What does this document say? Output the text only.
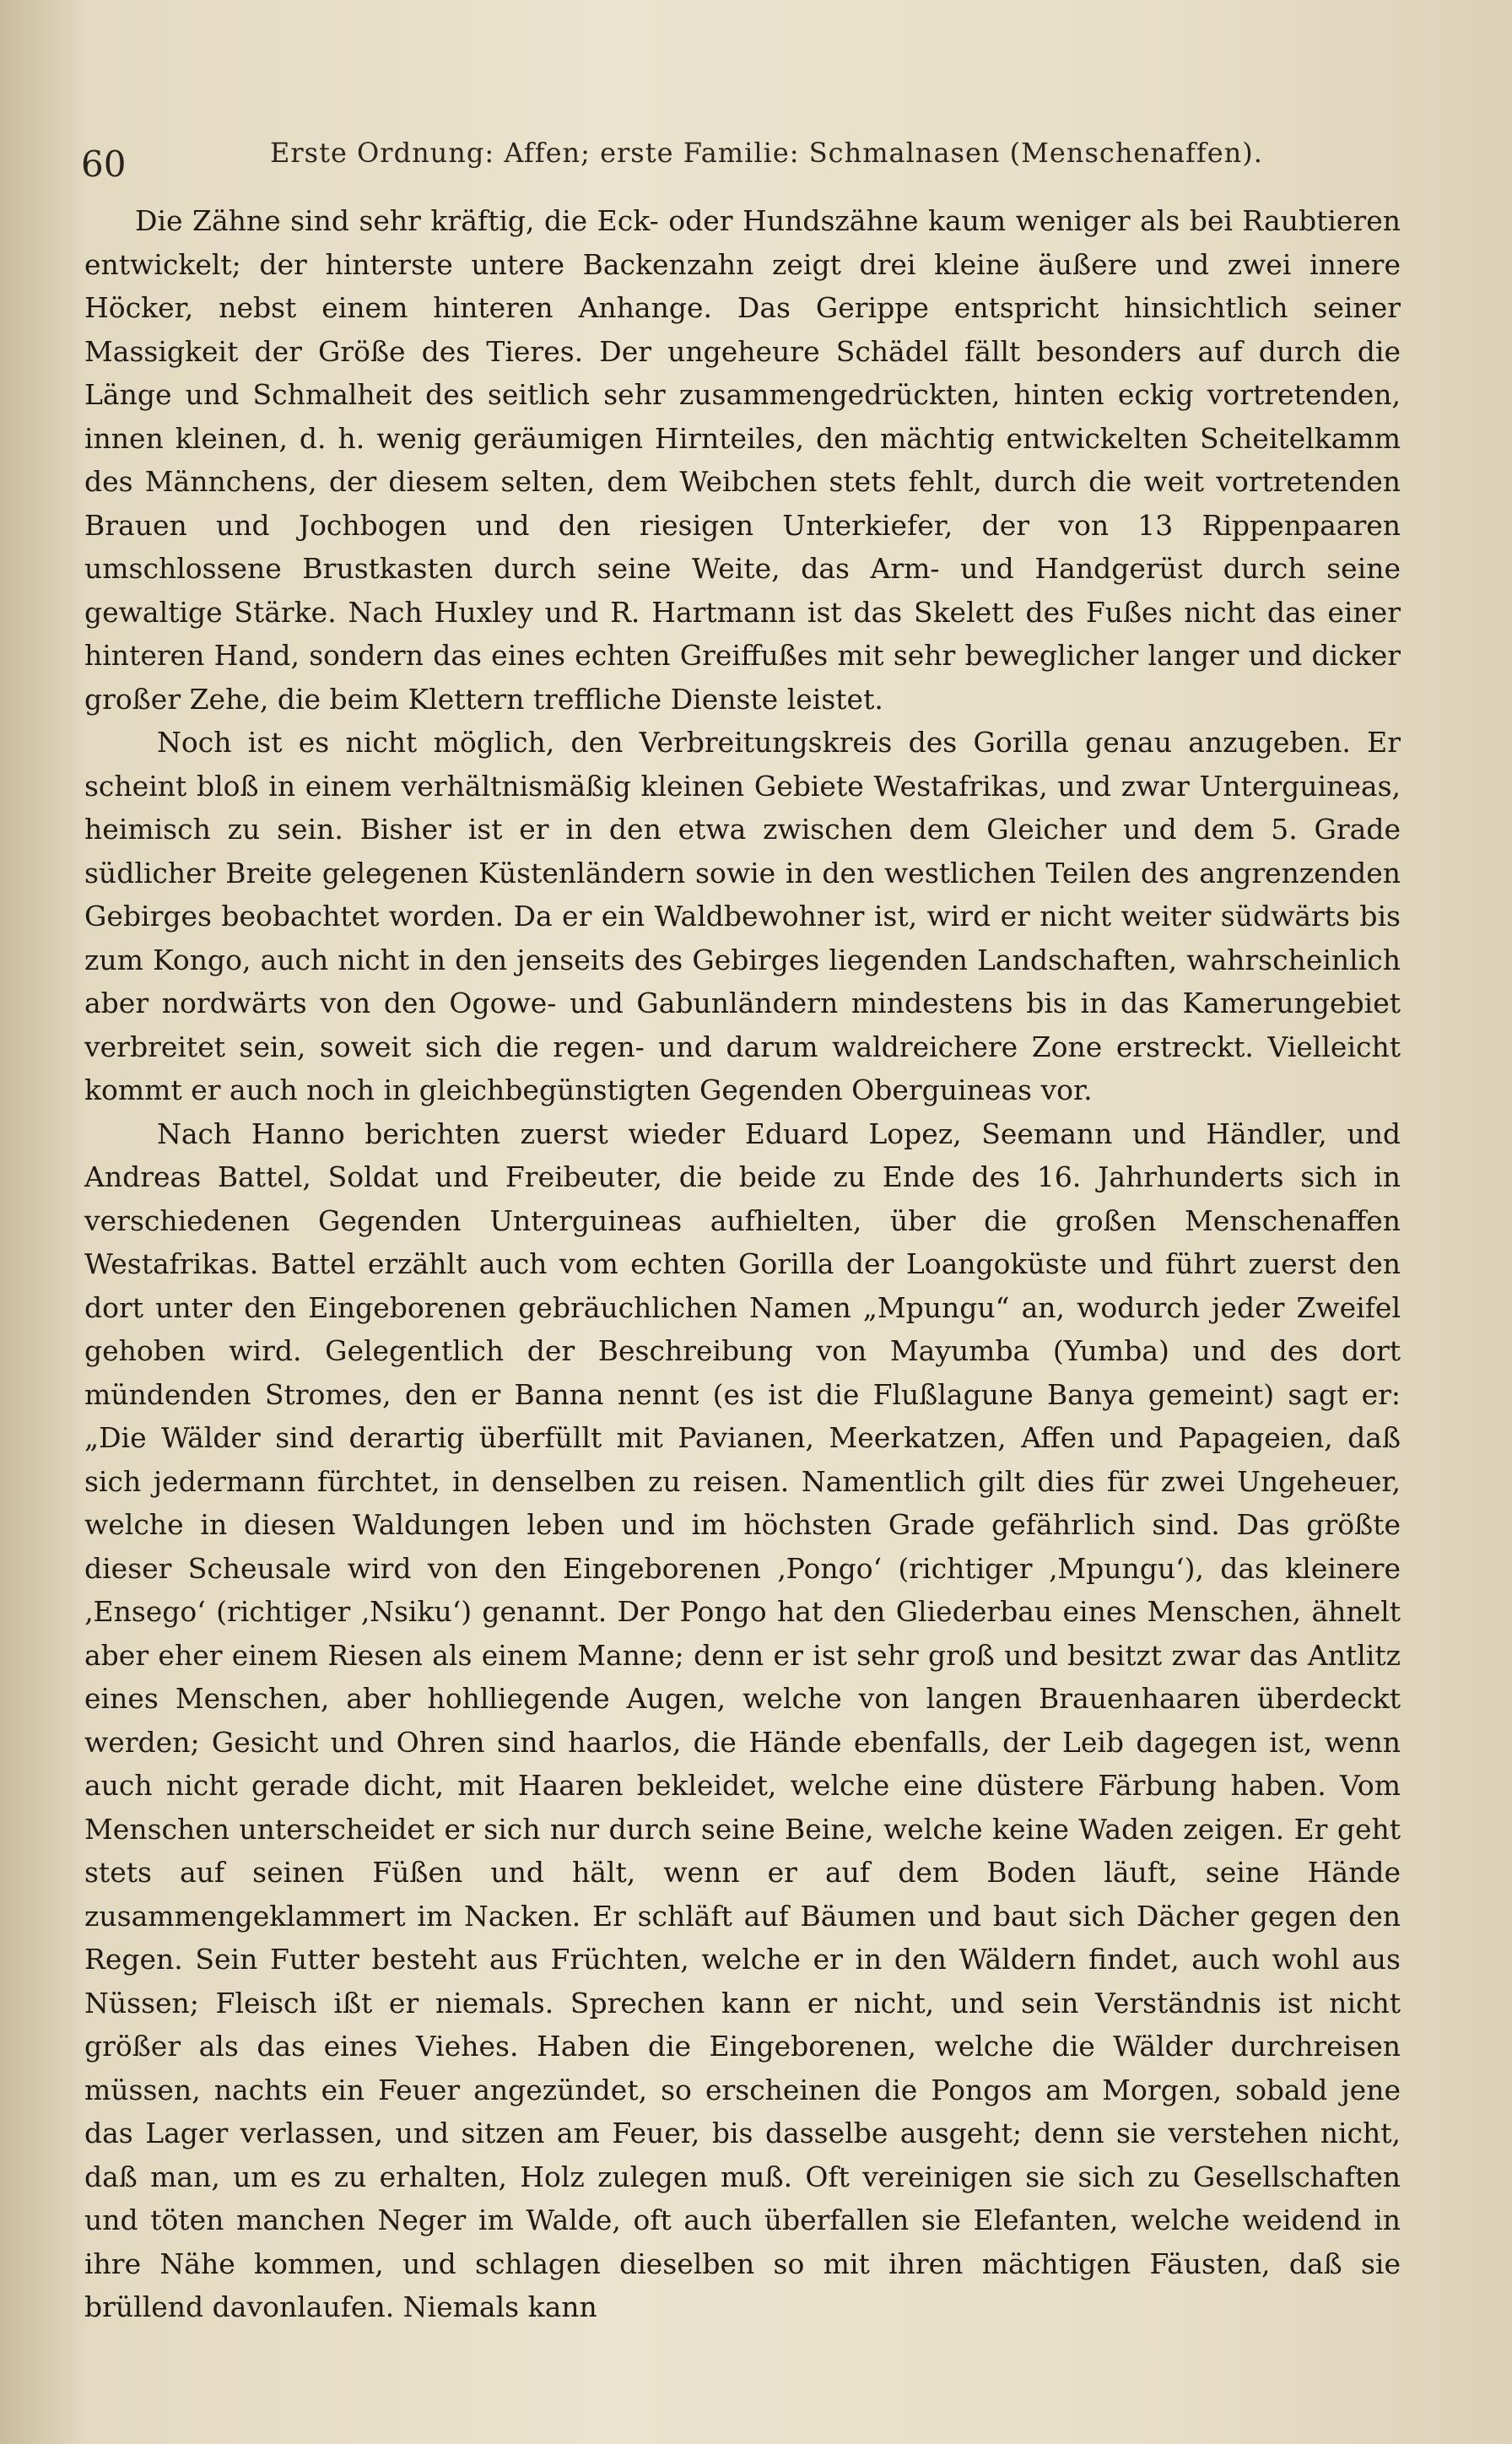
60	Erste Ordnung: Affen; erste Familie: Schmalnasen (Menschenaffen).

Die Zähne sind sehr kräftig, die Eck- oder Hundszähne kaum weniger als bei Raubtieren entwickelt; der hinterste untere Backenzahn zeigt drei kleine äußere und zwei innere Höcker, nebst einem hinteren Anhange. Das Gerippe entspricht hinsichtlich seiner Massigkeit der Größe des Tieres. Der ungeheure Schädel fällt besonders auf durch die Länge und Schmalheit des seitlich sehr zusammengedrückten, hinten eckig vortretenden, innen kleinen, d. h. wenig geräumigen Hirnteiles, den mächtig entwickelten Scheitelkamm des Männchens, der diesem selten, dem Weibchen stets fehlt, durch die weit vortretenden Brauen und Jochbogen und den riesigen Unterkiefer, der von 13 Rippenpaaren umschlossene Brustkasten durch seine Weite, das Arm- und Handgerüst durch seine gewaltige Stärke. Nach Huxley und R. Hartmann ist das Skelett des Fußes nicht das einer hinteren Hand, sondern das eines echten Greiffußes mit sehr beweglicher langer und dicker großer Zehe, die beim Klettern treffliche Dienste leistet.

Noch ist es nicht möglich, den Verbreitungskreis des Gorilla genau anzugeben. Er scheint bloß in einem verhältnismäßig kleinen Gebiete Westafrikas, und zwar Unterguineas, heimisch zu sein. Bisher ist er in den etwa zwischen dem Gleicher und dem 5. Grade südlicher Breite gelegenen Küstenländern sowie in den westlichen Teilen des angrenzenden Gebirges beobachtet worden. Da er ein Waldbewohner ist, wird er nicht weiter südwärts bis zum Kongo, auch nicht in den jenseits des Gebirges liegenden Landschaften, wahrscheinlich aber nordwärts von den Ogowe- und Gabunländern mindestens bis in das Kamerungebiet verbreitet sein, soweit sich die regen- und darum waldreichere Zone erstreckt. Vielleicht kommt er auch noch in gleichbegünstigten Gegenden Oberguineas vor.

Nach Hanno berichten zuerst wieder Eduard Lopez, Seemann und Händler, und Andreas Battel, Soldat und Freibeuter, die beide zu Ende des 16. Jahrhunderts sich in verschiedenen Gegenden Unterguineas aufhielten, über die großen Menschenaffen Westafrikas. Battel erzählt auch vom echten Gorilla der Loangoküste und führt zuerst den dort unter den Eingeborenen gebräuchlichen Namen „Mpungu“ an, wodurch jeder Zweifel gehoben wird. Gelegentlich der Beschreibung von Mayumba (Yumba) und des dort mündenden Stromes, den er Banna nennt (es ist die Flußlagune Banya gemeint) sagt er: „Die Wälder sind derartig überfüllt mit Pavianen, Meerkatzen, Affen und Papageien, daß sich jedermann fürchtet, in denselben zu reisen. Namentlich gilt dies für zwei Ungeheuer, welche in diesen Waldungen leben und im höchsten Grade gefährlich sind. Das größte dieser Scheusale wird von den Eingeborenen ‚Pongo‘ (richtiger ‚Mpungu‘), das kleinere ‚Ensego‘ (richtiger ‚Nsiku‘) genannt. Der Pongo hat den Gliederbau eines Menschen, ähnelt aber eher einem Riesen als einem Manne; denn er ist sehr groß und besitzt zwar das Antlitz eines Menschen, aber hohlliegende Augen, welche von langen Brauenhaaren überdeckt werden; Gesicht und Ohren sind haarlos, die Hände ebenfalls, der Leib dagegen ist, wenn auch nicht gerade dicht, mit Haaren bekleidet, welche eine düstere Färbung haben. Vom Menschen unterscheidet er sich nur durch seine Beine, welche keine Waden zeigen. Er geht stets auf seinen Füßen und hält, wenn er auf dem Boden läuft, seine Hände zusammengeklammert im Nacken. Er schläft auf Bäumen und baut sich Dächer gegen den Regen. Sein Futter besteht aus Früchten, welche er in den Wäldern findet, auch wohl aus Nüssen; Fleisch ißt er niemals. Sprechen kann er nicht, und sein Verständnis ist nicht größer als das eines Viehes. Haben die Eingeborenen, welche die Wälder durchreisen müssen, nachts ein Feuer angezündet, so erscheinen die Pongos am Morgen, sobald jene das Lager verlassen, und sitzen am Feuer, bis dasselbe ausgeht; denn sie verstehen nicht, daß man, um es zu erhalten, Holz zulegen muß. Oft vereinigen sie sich zu Gesellschaften und töten manchen Neger im Walde, oft auch überfallen sie Elefanten, welche weidend in ihre Nähe kommen, und schlagen dieselben so mit ihren mächtigen Fäusten, daß sie brüllend davonlaufen. Niemals kann
